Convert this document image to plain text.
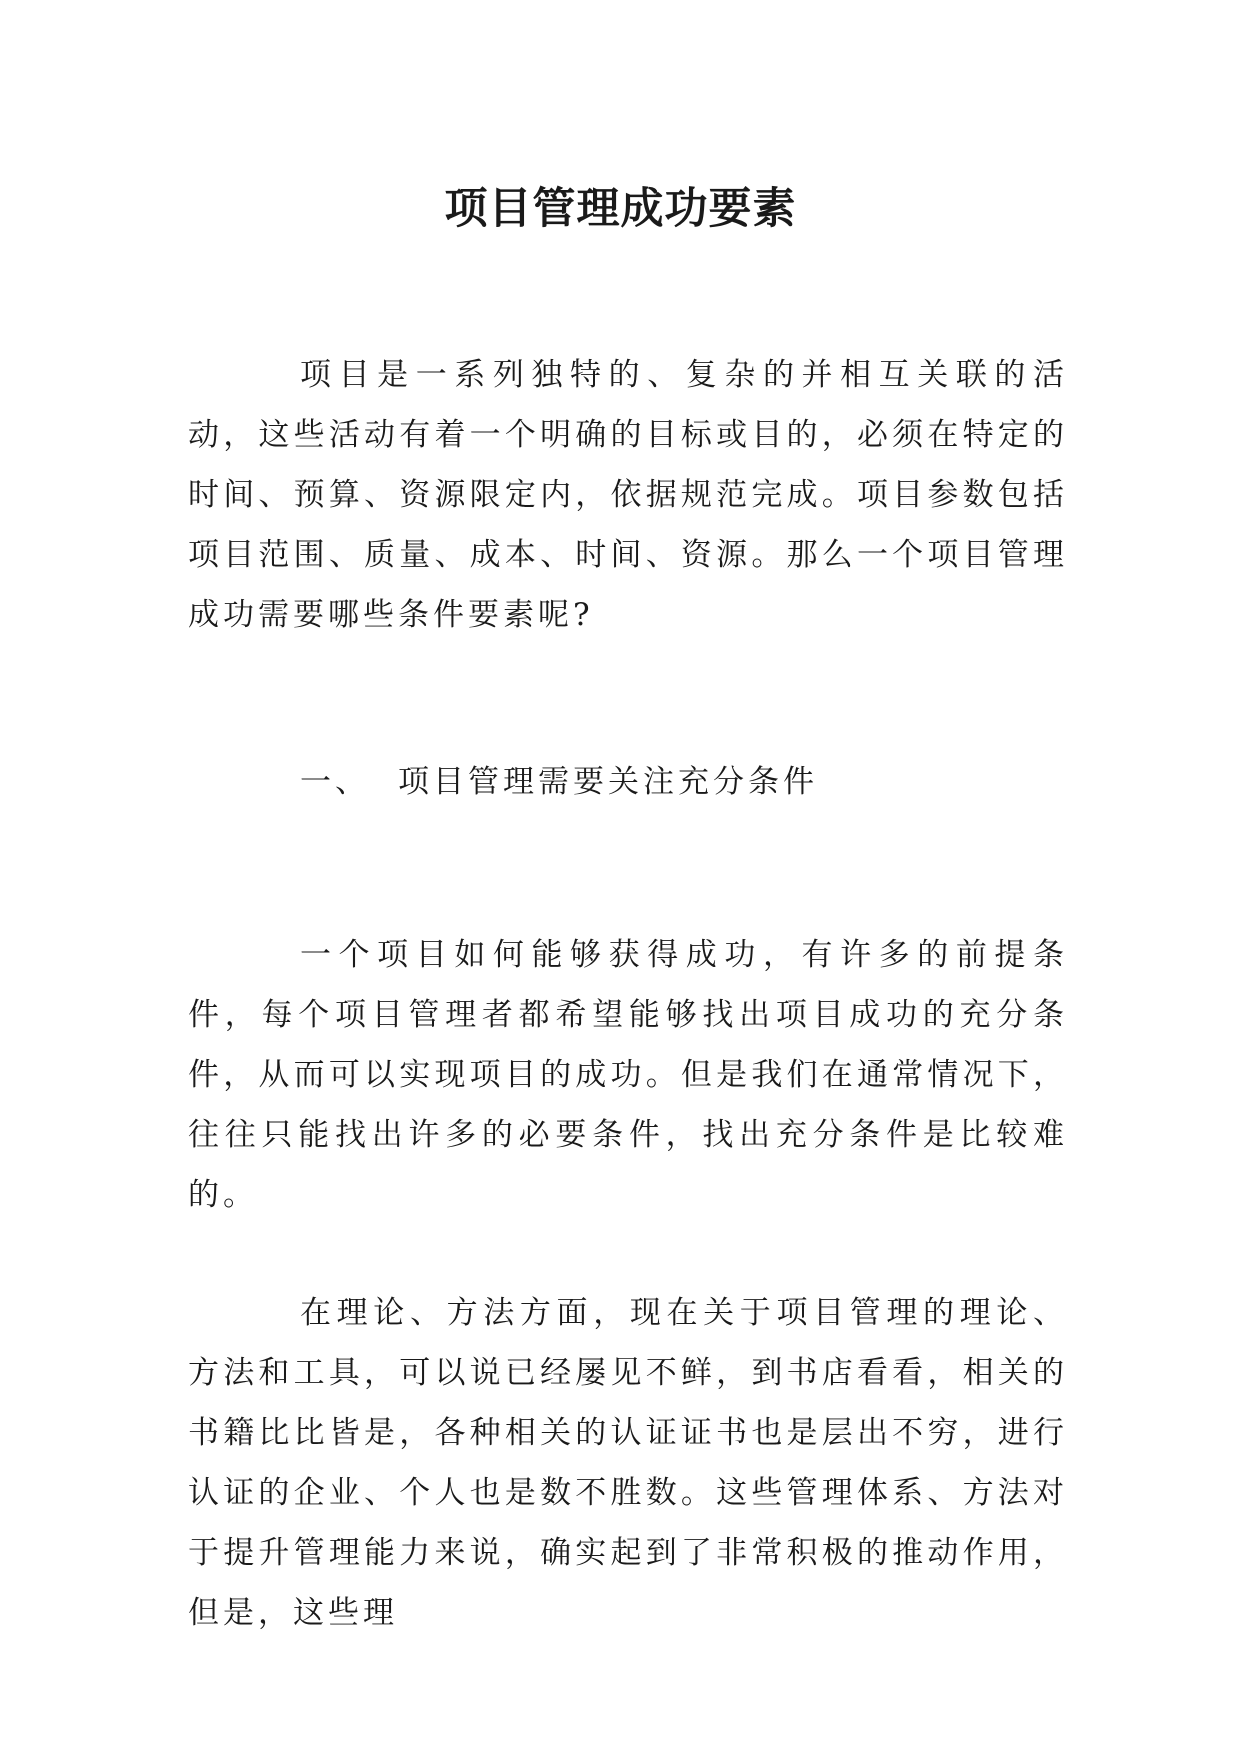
项目管理成功要素

项目是一系列独特的、复杂的并相互关联的活动，这些活动有着一个明确的目标或目的，必须在特定的时间、预算、资源限定内，依据规范完成。项目参数包括项目范围、质量、成本、时间、资源。那么一个项目管理成功需要哪些条件要素呢?

一、 项目管理需要关注充分条件

一个项目如何能够获得成功，有许多的前提条件，每个项目管理者都希望能够找出项目成功的充分条件，从而可以实现项目的成功。但是我们在通常情况下，往往只能找出许多的必要条件，找出充分条件是比较难的。

在理论、方法方面，现在关于项目管理的理论、方法和工具，可以说已经屡见不鲜，到书店看看，相关的书籍比比皆是，各种相关的认证证书也是层出不穷，进行认证的企业、个人也是数不胜数。这些管理体系、方法对于提升管理能力来说，确实起到了非常积极的推动作用，但是，这些理
